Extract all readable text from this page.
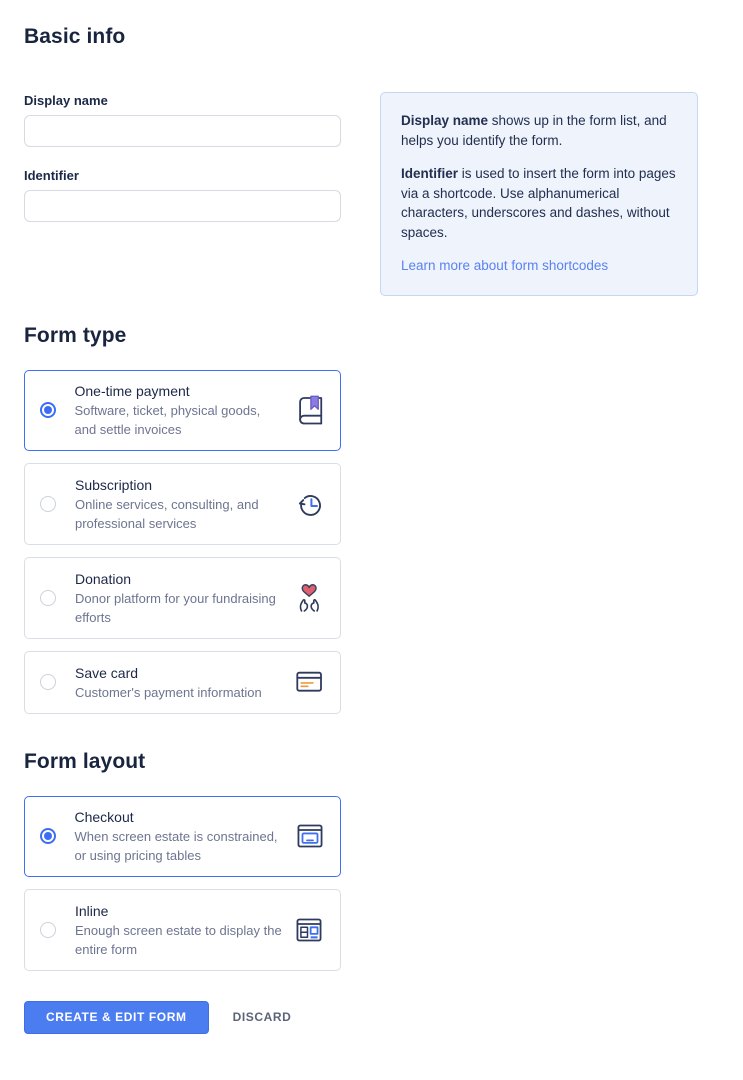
Basic info
Display name
Identifier

Display name shows up in the form list, and helps you identify the form.

Identifier is used to insert the form into pages via a shortcode. Use alphanumerical characters, underscores and dashes, without spaces.

Learn more about form shortcodes
Form type
One-time payment
Software, ticket, physical goods, and settle invoices
Subscription
Online services, consulting, and professional services
Donation
Donor platform for your fundraising efforts
Save card
Customer's payment information
Form layout
Checkout
When screen estate is constrained, or using pricing tables
Inline
Enough screen estate to display the entire form
CREATE & EDIT FORM	DISCARD
